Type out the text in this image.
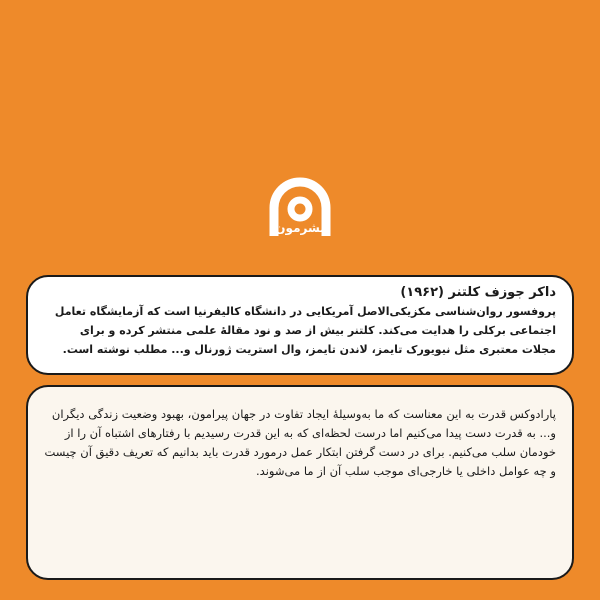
[نشرمون]

داکر جوزف کلتنر (۱۹۶۲)

پروفسور روان‌شناسی مکزیکی‌الاصل آمریکایی در دانشگاه کالیفرنیا است که آزمایشگاه تعامل اجتماعی برکلی را هدایت می‌کند. کلتنر بیش از صد و نود مقالهٔ علمی منتشر کرده و برای مجلات معتبری مثل نیویورک تایمز، لاندن تایمز، وال استریت ژورنال و... مطلب نوشته است.

پارادوکس قدرت به این معناست که ما به‌وسیلهٔ ایجاد تفاوت در جهان پیرامون، بهبود وضعیت زندگی دیگران و... به قدرت دست پیدا می‌کنیم اما درست لحظه‌ای که به این قدرت رسیدیم با رفتارهای اشتباه آن را از خودمان سلب می‌کنیم. برای در دست گرفتن ابتکار عمل درمورد قدرت باید بدانیم که تعریف دقیق آن چیست و چه عوامل داخلی یا خارجی‌ای موجب سلب آن از ما می‌شوند.
